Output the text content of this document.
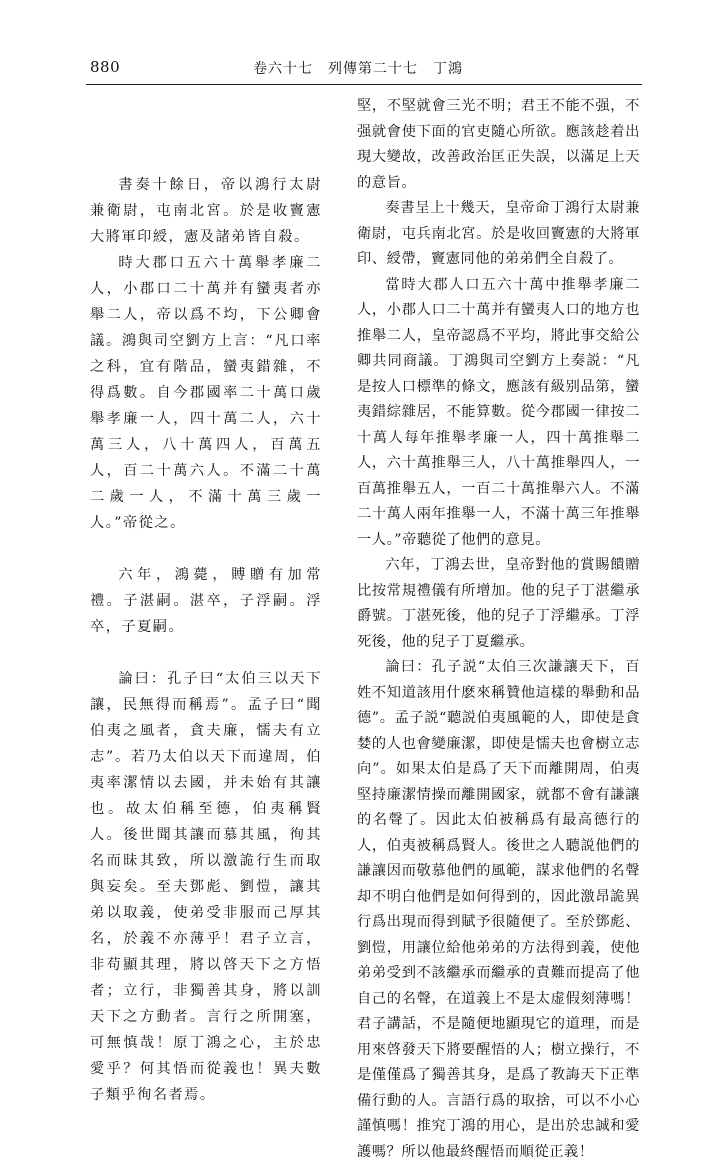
880	卷六十七　列傳第二十七　丁鴻

書奏十餘日，帝以鴻行太尉兼衛尉，屯南北宮。於是收竇憲大將軍印綬，憲及諸弟皆自殺。

時大郡口五六十萬舉孝廉二人，小郡口二十萬并有蠻夷者亦舉二人，帝以爲不均，下公卿會議。鴻與司空劉方上言：“凡口率之科，宜有階品，蠻夷錯雜，不得爲數。自今郡國率二十萬口歲舉孝廉一人，四十萬二人，六十萬三人，八十萬四人，百萬五人，百二十萬六人。不滿二十萬二歲一人，不滿十萬三歲一人。”帝從之。

六年，鴻薨，賻贈有加常禮。子湛嗣。湛卒，子浮嗣。浮卒，子夏嗣。

論曰：孔子曰“太伯三以天下讓，民無得而稱焉”。孟子曰“聞伯夷之風者，貪夫廉，懦夫有立志”。若乃太伯以天下而違周，伯夷率潔情以去國，并未始有其讓也。故太伯稱至德，伯夷稱賢人。後世聞其讓而慕其風，徇其名而昧其致，所以激詭行生而取與妄矣。至夫鄧彪、劉愷，讓其弟以取義，使弟受非服而己厚其名，於義不亦薄乎！君子立言，非苟顯其理，將以啓天下之方悟者；立行，非獨善其身，將以訓天下之方動者。言行之所開塞，可無慎哉！原丁鴻之心，主於忠愛乎？何其悟而從義也！異夫數子類乎徇名者焉。

堅，不堅就會三光不明；君王不能不强，不强就會使下面的官吏隨心所欲。應該趁着出現大變故，改善政治匡正失誤，以滿足上天的意旨。

奏書呈上十幾天，皇帝命丁鴻行太尉兼衛尉，屯兵南北宮。於是收回竇憲的大將軍印、綬帶，竇憲同他的弟弟們全自殺了。

當時大郡人口五六十萬中推舉孝廉二人，小郡人口二十萬并有蠻夷人口的地方也推舉二人，皇帝認爲不平均，將此事交給公卿共同商議。丁鴻與司空劉方上奏説：“凡是按人口標準的條文，應該有級别品第，蠻夷錯綜雜居，不能算數。從今郡國一律按二十萬人每年推舉孝廉一人，四十萬推舉二人，六十萬推舉三人，八十萬推舉四人，一百萬推舉五人，一百二十萬推舉六人。不滿二十萬人兩年推舉一人，不滿十萬三年推舉一人。”帝聽從了他們的意見。

六年，丁鴻去世，皇帝對他的賞賜饋贈比按常規禮儀有所增加。他的兒子丁湛繼承爵號。丁湛死後，他的兒子丁浮繼承。丁浮死後，他的兒子丁夏繼承。

論曰：孔子説“太伯三次謙讓天下，百姓不知道該用什麽來稱贊他這樣的舉動和品德”。孟子説“聽説伯夷風範的人，即使是貪婪的人也會變廉潔，即使是懦夫也會樹立志向”。如果太伯是爲了天下而離開周，伯夷堅持廉潔情操而離開國家，就都不會有謙讓的名聲了。因此太伯被稱爲有最高德行的人，伯夷被稱爲賢人。後世之人聽説他們的謙讓因而敬慕他們的風範，謀求他們的名聲却不明白他們是如何得到的，因此激昂詭異行爲出現而得到賦予很隨便了。至於鄧彪、劉愷，用讓位給他弟弟的方法得到義，使他弟弟受到不該繼承而繼承的責難而提高了他自己的名聲，在道義上不是太虚假刻薄嗎！君子講話，不是隨便地顯現它的道理，而是用來啓發天下將要醒悟的人；樹立操行，不是僅僅爲了獨善其身，是爲了教誨天下正準備行動的人。言語行爲的取捨，可以不小心謹慎嗎！推究丁鴻的用心，是出於忠誠和愛護嗎？所以他最終醒悟而順從正義！
